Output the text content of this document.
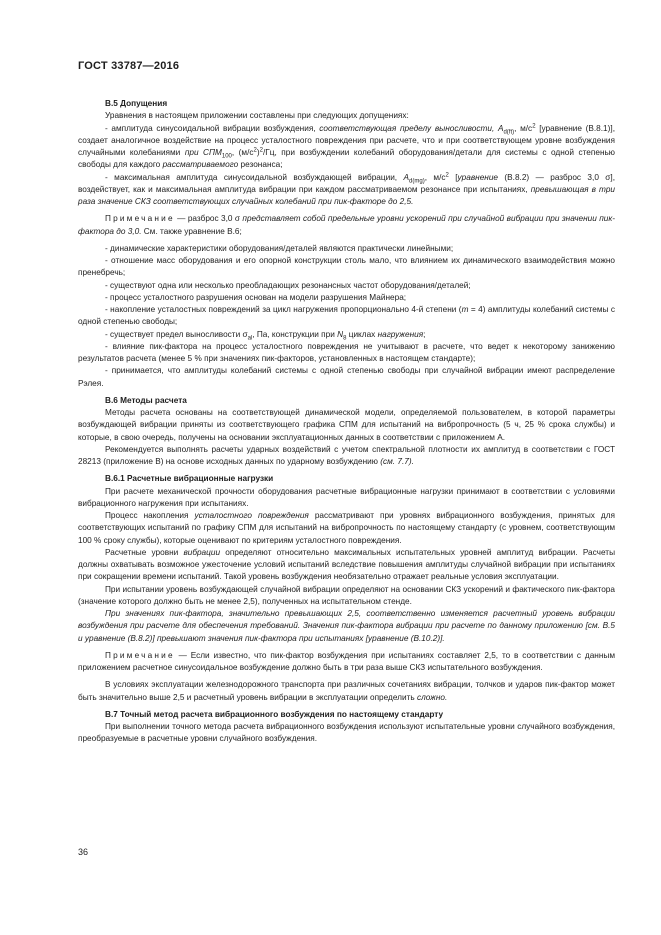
ГОСТ 33787—2016
В.5 Допущения
Уравнения в настоящем приложении составлены при следующих допущениях:
- амплитуда синусоидальной вибрации возбуждения, соответствующая пределу выносливости, $A_{d(ft)}$, $м/с^2$ [уравнение (В.8.1)], создает аналогичное воздействие на процесс усталостного повреждения при расчете, что и при соответствующем уровне возбуждения случайными колебаниями при $СПМ_{100}$, $(м/с^2)^2/Гц$, при возбуждении колебаний оборудования/детали для системы с одной степенью свободы для каждого рассматриваемого резонанса;
- максимальная амплитуда синусоидальной возбуждающей вибрации, $A_{d(mg)}$, $м/с^2$ [уравнение (В.8.2) — разброс 3,0 σ], воздействует, как и максимальная амплитуда вибрации при каждом рассматриваемом резонансе при испытаниях, превышающая в три раза значение СКЗ соответствующих случайных колебаний при пик-факторе до 2,5.
Примечание — разброс 3,0 σ представляет собой предельные уровни ускорений при случайной вибрации при значении пик-фактора до 3,0. См. также уравнение В.6;
- динамические характеристики оборудования/деталей являются практически линейными;
- отношение масс оборудования и его опорной конструкции столь мало, что влиянием их динамического взаимодействия можно пренебречь;
- существуют одна или несколько преобладающих резонансных частот оборудования/деталей;
- процесс усталостного разрушения основан на модели разрушения Майнера;
- накопление усталостных повреждений за цикл нагружения пропорционально 4-й степени (m = 4) амплитуды колебаний системы с одной степенью свободы;
- существует предел выносливости $\sigma_{аl}$, Па, конструкции при $N_8$ циклах нагружения;
- влияние пик-фактора на процесс усталостного повреждения не учитывают в расчете, что ведет к некоторому занижению результатов расчета (менее 5 % при значениях пик-факторов, установленных в настоящем стандарте);
- принимается, что амплитуды колебаний системы с одной степенью свободы при случайной вибрации имеют распределение Рэлея.
В.6 Методы расчета
Методы расчета основаны на соответствующей динамической модели, определяемой пользователем, в которой параметры возбуждающей вибрации приняты из соответствующего графика СПМ для испытаний на вибропрочность (5 ч, 25 % срока службы) и которые, в свою очередь, получены на основании эксплуатационных данных в соответствии с приложением А.
Рекомендуется выполнять расчеты ударных воздействий с учетом спектральной плотности их амплитуд в соответствии с ГОСТ 28213 (приложение В) на основе исходных данных по ударному возбуждению (см. 7.7).
В.6.1 Расчетные вибрационные нагрузки
При расчете механической прочности оборудования расчетные вибрационные нагрузки принимают в соответствии с условиями вибрационного нагружения при испытаниях.
Процесс накопления усталостного повреждения рассматривают при уровнях вибрационного возбуждения, принятых для соответствующих испытаний по графику СПМ для испытаний на вибропрочность по настоящему стандарту (с уровнем, соответствующим 100 % сроку службы), которые оценивают по критериям усталостного повреждения.
Расчетные уровни вибрации определяют относительно максимальных испытательных уровней амплитуд вибрации. Расчеты должны охватывать возможное ужесточение условий испытаний вследствие повышения амплитуды случайной вибрации при испытаниях при сокращении времени испытаний. Такой уровень возбуждения необязательно отражает реальные условия эксплуатации.
При испытании уровень возбуждающей случайной вибрации определяют на основании СКЗ ускорений и фактического пик-фактора (значение которого должно быть не менее 2,5), полученных на испытательном стенде.
При значениях пик-фактора, значительно превышающих 2,5, соответственно изменяется расчетный уровень вибрации возбуждения при расчете для обеспечения требований. Значения пик-фактора вибрации при расчете по данному приложению [см. В.5 и уравнение (В.8.2)] превышают значения пик-фактора при испытаниях [уравнение (В.10.2)].
Примечание — Если известно, что пик-фактор возбуждения при испытаниях составляет 2,5, то в соответствии с данным приложением расчетное синусоидальное возбуждение должно быть в три раза выше СКЗ испытательного возбуждения.
В условиях эксплуатации железнодорожного транспорта при различных сочетаниях вибрации, толчков и ударов пик-фактор может быть значительно выше 2,5 и расчетный уровень вибрации в эксплуатации определить сложно.
В.7 Точный метод расчета вибрационного возбуждения по настоящему стандарту
При выполнении точного метода расчета вибрационного возбуждения используют испытательные уровни случайного возбуждения, преобразуемые в расчетные уровни случайного возбуждения.
36
